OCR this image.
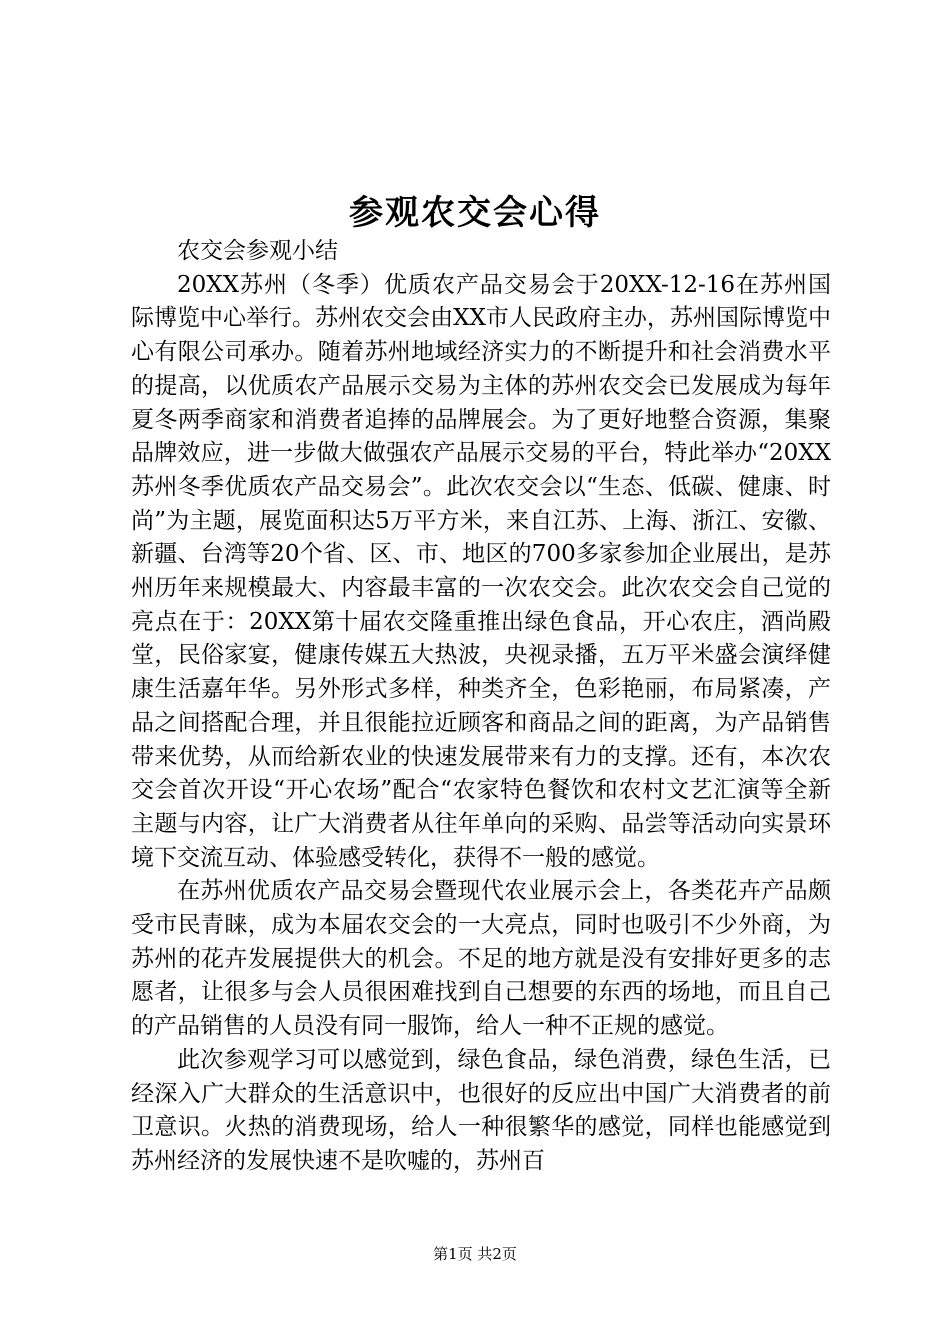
参观农交会心得

农交会参观小结

20XX苏州（冬季）优质农产品交易会于20XX-12-16在苏州国际博览中心举行。苏州农交会由XX市人民政府主办，苏州国际博览中心有限公司承办。随着苏州地域经济实力的不断提升和社会消费水平的提高，以优质农产品展示交易为主体的苏州农交会已发展成为每年夏冬两季商家和消费者追捧的品牌展会。为了更好地整合资源，集聚品牌效应，进一步做大做强农产品展示交易的平台，特此举办“20XX苏州冬季优质农产品交易会”。此次农交会以“生态、低碳、健康、时尚”为主题，展览面积达5万平方米，来自江苏、上海、浙江、安徽、新疆、台湾等20个省、区、市、地区的700多家参加企业展出，是苏州历年来规模最大、内容最丰富的一次农交会。此次农交会自己觉的亮点在于：20XX第十届农交隆重推出绿色食品，开心农庄，酒尚殿堂，民俗家宴，健康传媒五大热波，央视录播，五万平米盛会演绎健康生活嘉年华。另外形式多样，种类齐全，色彩艳丽，布局紧凑，产品之间搭配合理，并且很能拉近顾客和商品之间的距离，为产品销售带来优势，从而给新农业的快速发展带来有力的支撑。还有，本次农交会首次开设“开心农场”配合“农家特色餐饮和农村文艺汇演等全新主题与内容，让广大消费者从往年单向的采购、品尝等活动向实景环境下交流互动、体验感受转化，获得不一般的感觉。

在苏州优质农产品交易会暨现代农业展示会上，各类花卉产品颇受市民青睐，成为本届农交会的一大亮点，同时也吸引不少外商，为苏州的花卉发展提供大的机会。不足的地方就是没有安排好更多的志愿者，让很多与会人员很困难找到自己想要的东西的场地，而且自己的产品销售的人员没有同一服饰，给人一种不正规的感觉。

此次参观学习可以感觉到，绿色食品，绿色消费，绿色生活，已经深入广大群众的生活意识中，也很好的反应出中国广大消费者的前卫意识。火热的消费现场，给人一种很繁华的感觉，同样也能感觉到苏州经济的发展快速不是吹嘘的，苏州百

第1页 共2页
